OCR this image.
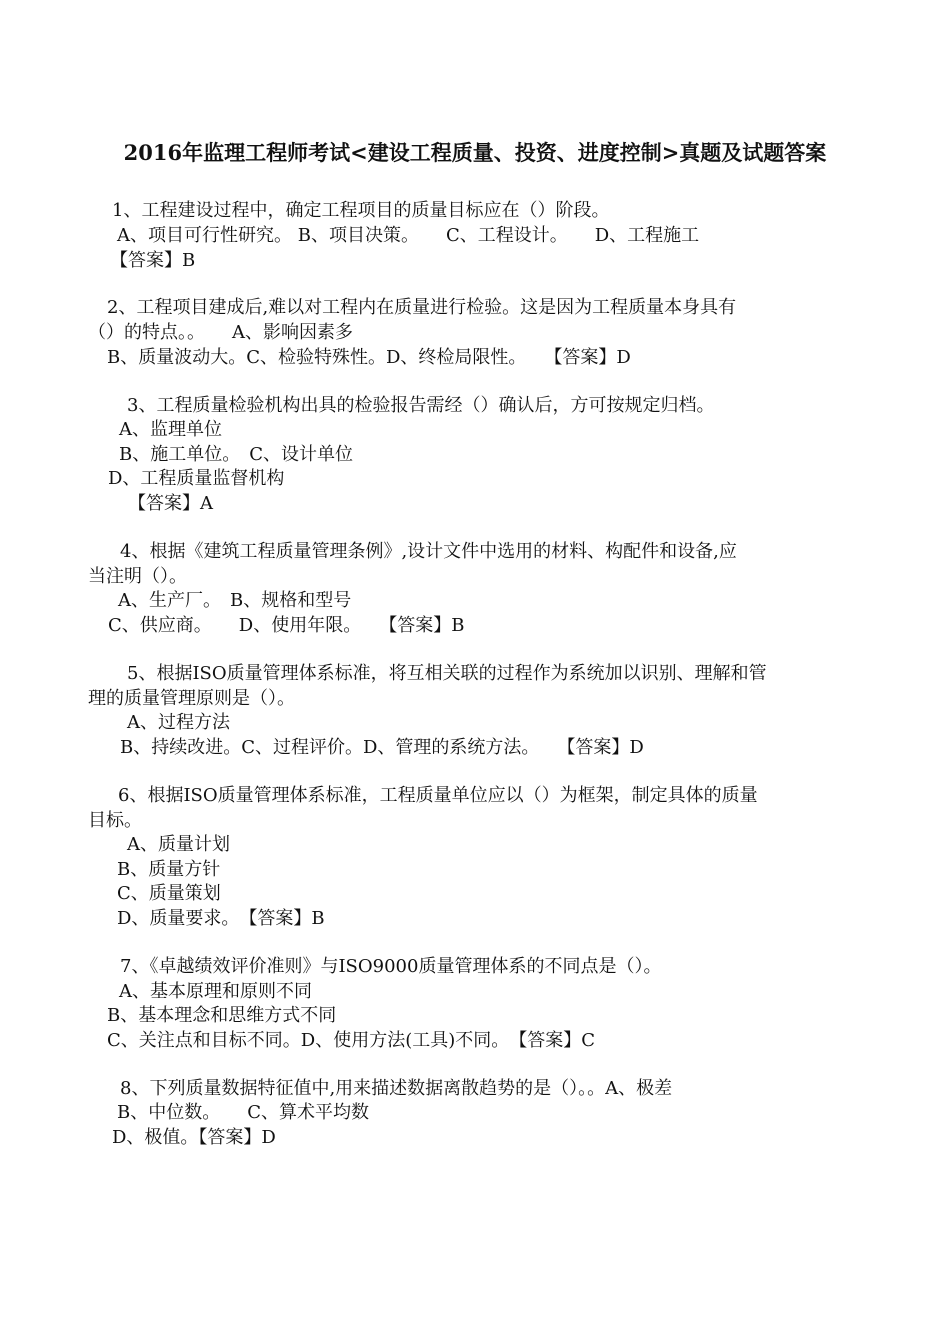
2016年监理工程师考试<建设工程质量、投资、进度控制>真题及试题答案
1、工程建设过程中，确定工程项目的质量目标应在（）阶段。
A、项目可行性研究。 B、项目决策。　　C、工程设计。　　D、工程施工
【答案】B
2、工程项目建成后,难以对工程内在质量进行检验。这是因为工程质量本身具有
（）的特点。。　　A、影响因素多
B、质量波动大。C、检验特殊性。D、终检局限性。　　【答案】D
3、工程质量检验机构出具的检验报告需经（）确认后，方可按规定归档。
A、监理单位
B、施工单位。　C、设计单位
D、工程质量监督机构
【答案】A
4、根据《建筑工程质量管理条例》,设计文件中选用的材料、构配件和设备,应
当注明（）。
A、生产厂。　B、规格和型号
C、供应商。　　D、使用年限。　　【答案】B
5、根据ISO质量管理体系标准，将互相关联的过程作为系统加以识别、理解和管
理的质量管理原则是（）。
A、过程方法
B、持续改进。C、过程评价。D、管理的系统方法。　　【答案】D
6、根据ISO质量管理体系标准，工程质量单位应以（）为框架，制定具体的质量
目标。
A、质量计划
B、质量方针
C、质量策划
D、质量要求。　【答案】B
7、《卓越绩效评价准则》与ISO9000质量管理体系的不同点是（）。
A、基本原理和原则不同
B、基本理念和思维方式不同
C、关注点和目标不同。D、使用方法(工具)不同。　【答案】C
8、下列质量数据特征值中,用来描述数据离散趋势的是（）。。A、极差
B、中位数。　　C、算术平均数
D、极值。【答案】D
